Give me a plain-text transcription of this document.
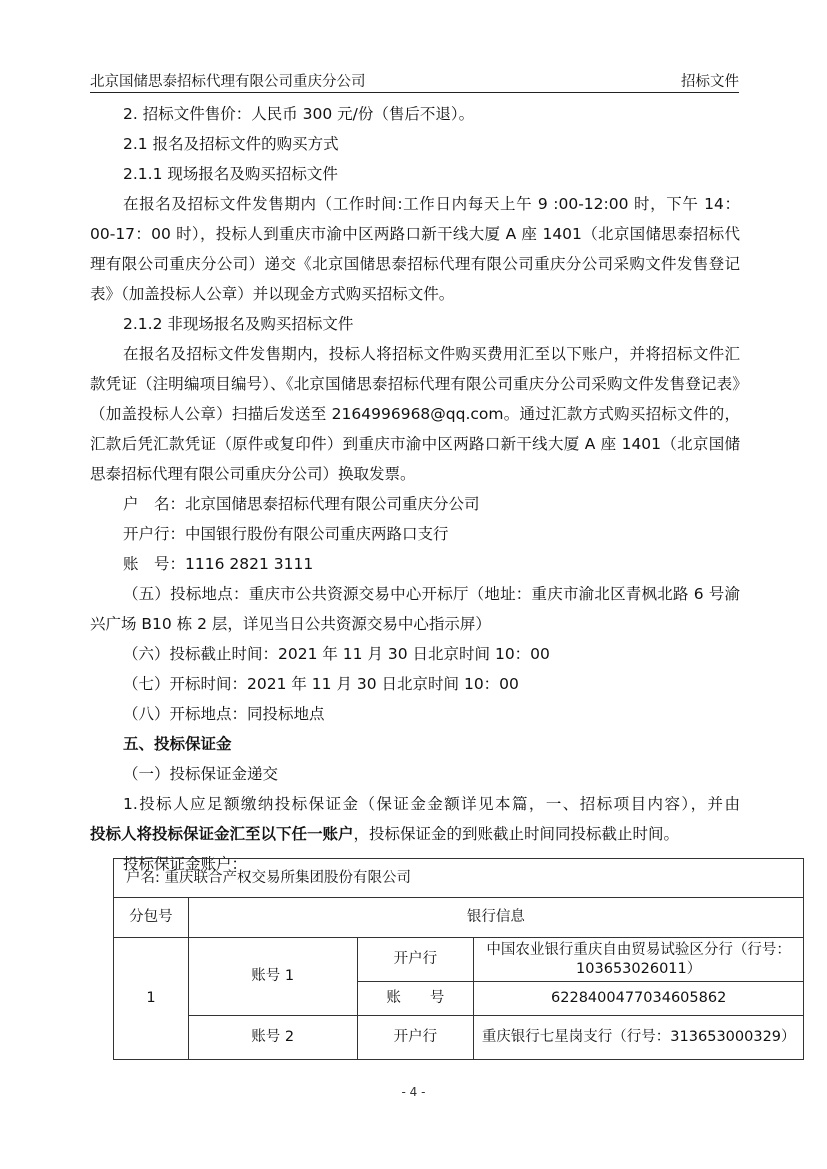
北京国储思泰招标代理有限公司重庆分公司	招标文件

2. 招标文件售价：人民币 300 元/份（售后不退）。

2.1 报名及招标文件的购买方式

2.1.1 现场报名及购买招标文件

在报名及招标文件发售期内（工作时间:工作日内每天上午 9 :00-12:00 时，下午 14：00-17：00 时），投标人到重庆市渝中区两路口新干线大厦 A 座 1401（北京国储思泰招标代理有限公司重庆分公司）递交《北京国储思泰招标代理有限公司重庆分公司采购文件发售登记表》（加盖投标人公章）并以现金方式购买招标文件。

2.1.2 非现场报名及购买招标文件

在报名及招标文件发售期内，投标人将招标文件购买费用汇至以下账户，并将招标文件汇款凭证（注明编项目编号）、《北京国储思泰招标代理有限公司重庆分公司采购文件发售登记表》（加盖投标人公章）扫描后发送至 2164996968@qq.com。通过汇款方式购买招标文件的，汇款后凭汇款凭证（原件或复印件）到重庆市渝中区两路口新干线大厦 A 座 1401（北京国储思泰招标代理有限公司重庆分公司）换取发票。

户　名：北京国储思泰招标代理有限公司重庆分公司

开户行：中国银行股份有限公司重庆两路口支行

账　号：1116 2821 3111

（五）投标地点：重庆市公共资源交易中心开标厅（地址：重庆市渝北区青枫北路 6 号渝兴广场 B10 栋 2 层，详见当日公共资源交易中心指示屏）

（六）投标截止时间：2021 年 11 月 30 日北京时间 10：00

（七）开标时间：2021 年 11 月 30 日北京时间 10：00

（八）开标地点：同投标地点

五、投标保证金

（一）投标保证金递交

1.投标人应足额缴纳投标保证金（保证金金额详见本篇，一、招标项目内容），并由

投标人将投标保证金汇至以下任一账户，投标保证金的到账截止时间同投标截止时间。

投标保证金账户：

户名: 重庆联合产权交易所集团股份有限公司			
分包号	银行信息		
1	账号 1	开户行	中国农业银行重庆自由贸易试验区分行（行号：103653026011）
		账　　号	6228400477034605862
	账号 2	开户行	重庆银行七星岗支行（行号：313653000329）
- 4 -
